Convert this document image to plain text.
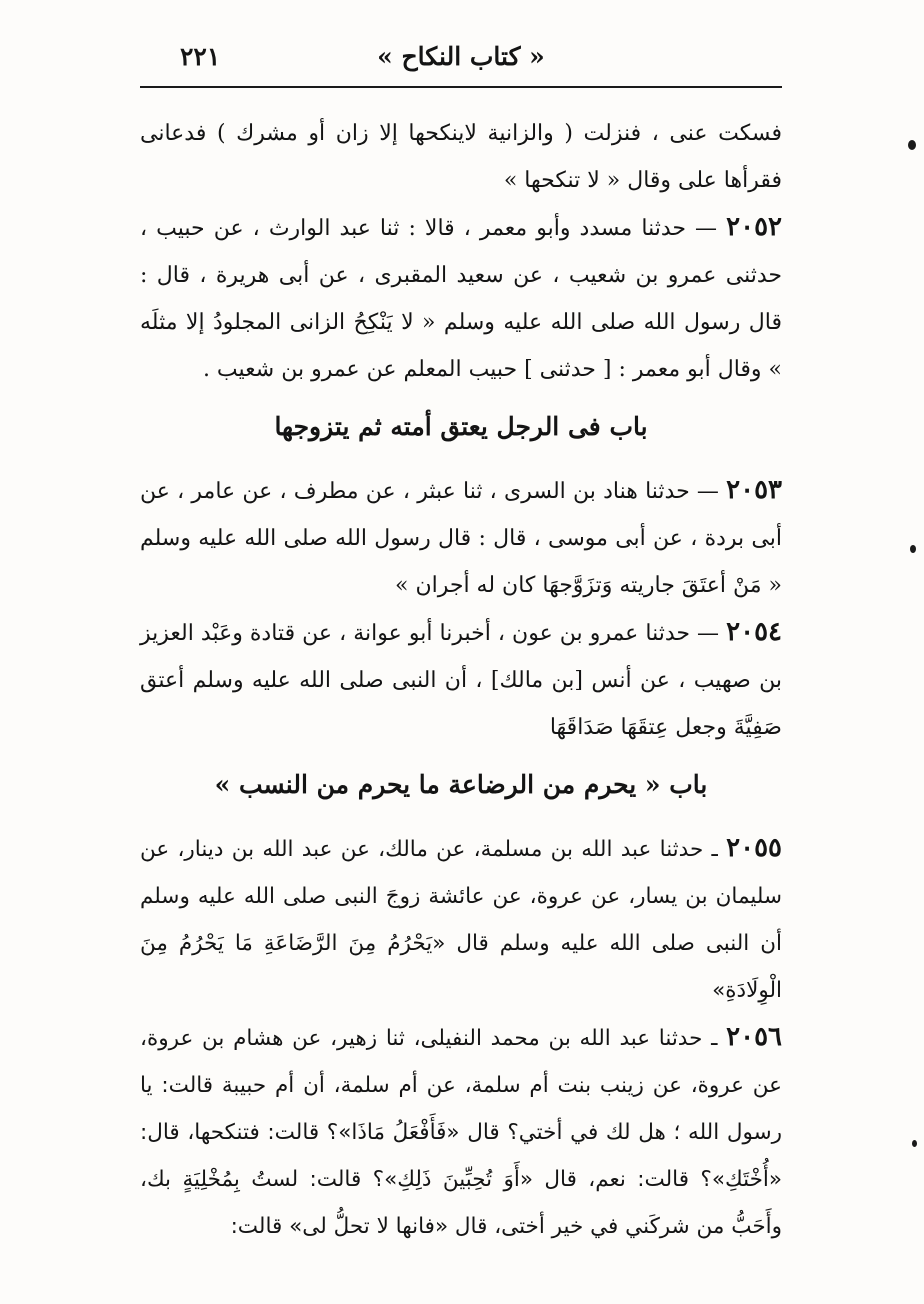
« كتاب النكاح »
٢٢١

فسكت عنى ، فنزلت ( والزانية لاينكحها إلا زان أو مشرك ) فدعانى فقرأها على وقال « لا تنكحها »

٢٠٥٢ — حدثنا مسدد وأبو معمر ، قالا : ثنا عبد الوارث ، عن حبيب ، حدثنى عمرو بن شعيب ، عن سعيد المقبرى ، عن أبى هريرة ، قال : قال رسول الله صلى الله عليه وسلم « لا يَنْكِحُ الزانى المجلودُ إلا مثلَه » وقال أبو معمر : [ حدثنى ] حبيب المعلم عن عمرو بن شعيب .

باب فى الرجل يعتق أمته ثم يتزوجها

٢٠٥٣ — حدثنا هناد بن السرى ، ثنا عبثر ، عن مطرف ، عن عامر ، عن أبى بردة ، عن أبى موسى ، قال : قال رسول الله صلى الله عليه وسلم « مَنْ أعتَقَ جاريته وَتزَوَّجهَا كان له أجران »

٢٠٥٤ — حدثنا عمرو بن عون ، أخبرنا أبو عوانة ، عن قتادة وعَبْد العزيز بن صهيب ، عن أنس [بن مالك] ، أن النبى صلى الله عليه وسلم أعتق صَفِيَّةَ وجعل عِتقَهَا صَدَاقَهَا

باب « يحرم من الرضاعة ما يحرم من النسب »

٢٠٥٥ ـ حدثنا عبد الله بن مسلمة، عن مالك، عن عبد الله بن دينار، عن سليمان بن يسار، عن عروة، عن عائشة زوجَ النبى صلى الله عليه وسلم أن النبى صلى الله عليه وسلم قال «يَحْرُمُ مِنَ الرَّضَاعَةِ مَا يَحْرُمُ مِنَ الْوِلَادَةِ»

٢٠٥٦ ـ حدثنا عبد الله بن محمد النفيلى، ثنا زهير، عن هشام بن عروة، عن عروة، عن زينب بنت أم سلمة، عن أم سلمة، أن أم حبيبة قالت: يا رسول الله ؛ هل لك في أختي؟ قال «فَأَفْعَلُ مَاذَا»؟ قالت: فتنكحها، قال: «أُخْتَكِ»؟ قالت: نعم، قال «أَوَ تُحِبِّينَ ذَلِكِ»؟ قالت: لستُ بِمُخْلِيَةٍ بك، وأَحَبُّ من شركَني في خير أختى، قال «فانها لا تحلُّ لى» قالت:
